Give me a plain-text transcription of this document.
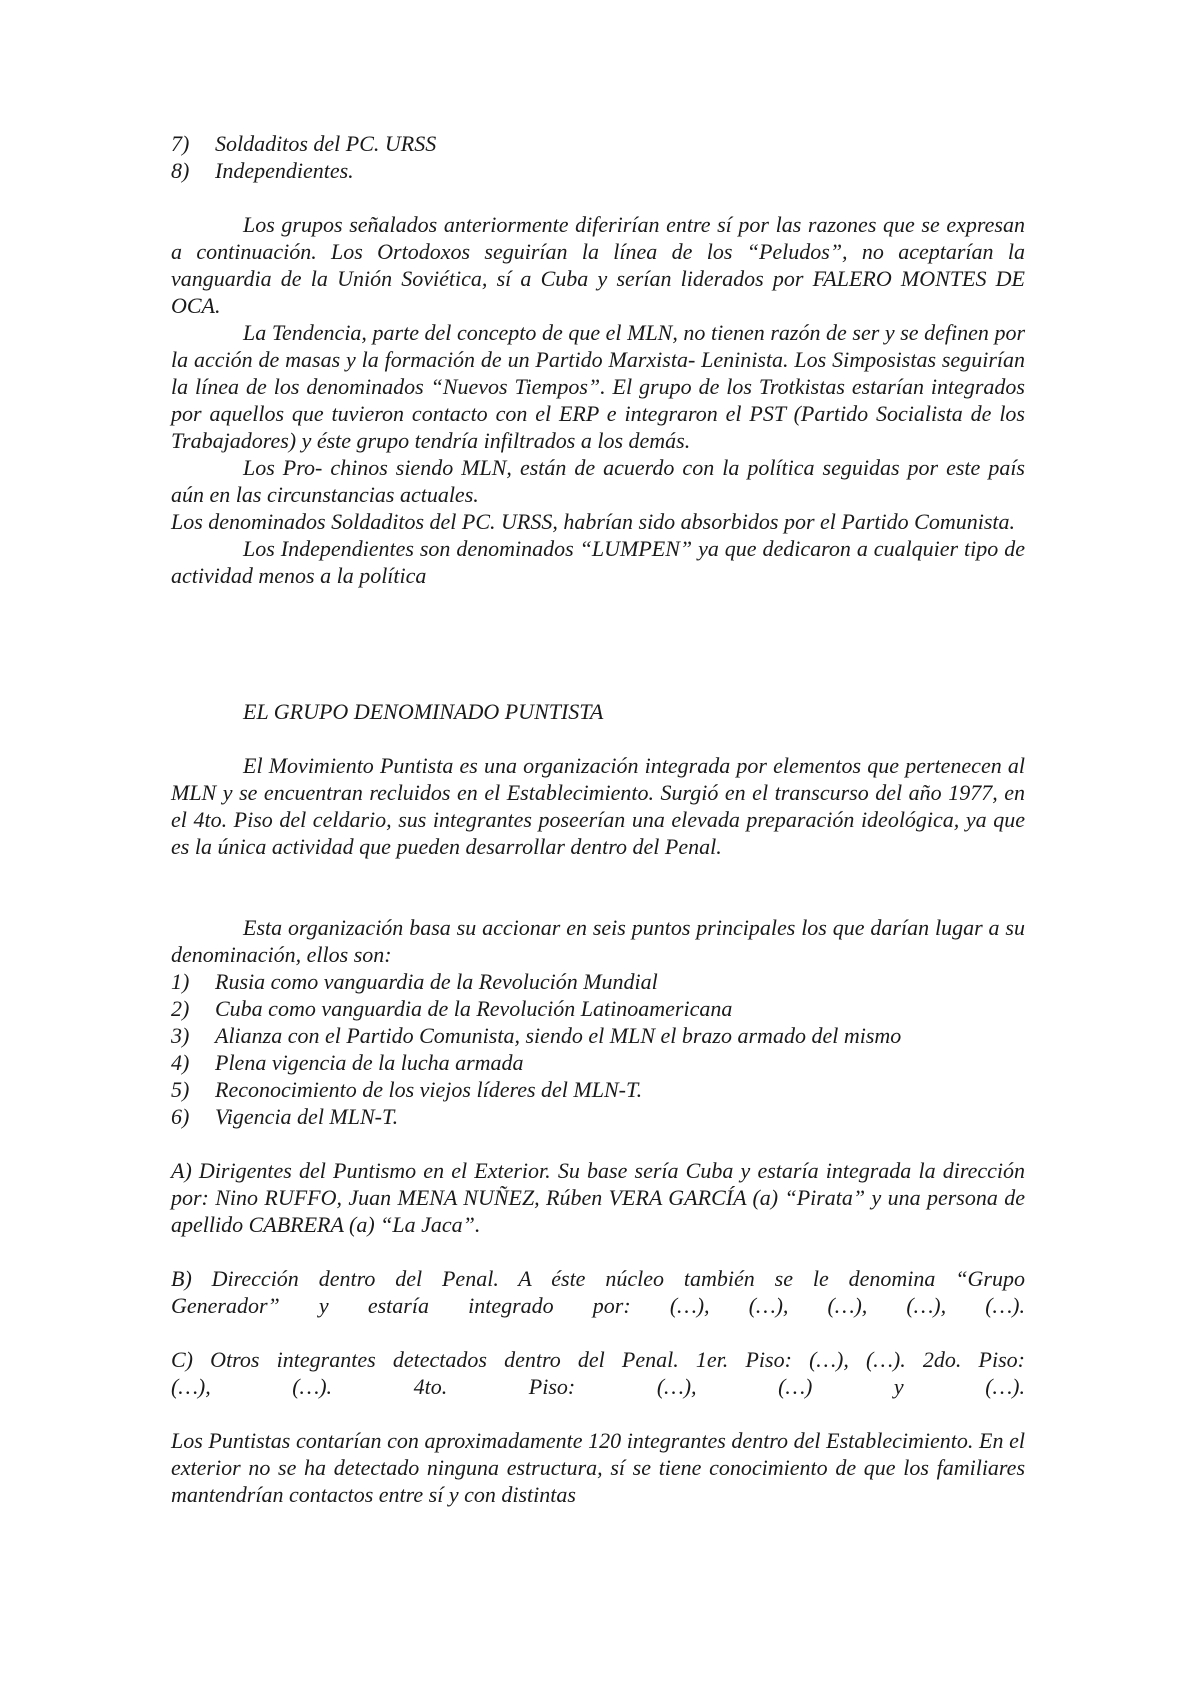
7) Soldaditos del PC. URSS
8) Independientes.

Los grupos señalados anteriormente diferirían entre sí por las razones que se expresan a continuación. Los Ortodoxos seguirían la línea de los “Peludos”, no aceptarían la vanguardia de la Unión Soviética, sí a Cuba y serían liderados por FALERO MONTES DE OCA.

La Tendencia, parte del concepto de que el MLN, no tienen razón de ser y se definen por la acción de masas y la formación de un Partido Marxista- Leninista. Los Simposistas seguirían la línea de los denominados “Nuevos Tiempos”. El grupo de los Trotkistas estarían integrados por aquellos que tuvieron contacto con el ERP e integraron el PST (Partido Socialista de los Trabajadores) y éste grupo tendría infiltrados a los demás.

Los Pro- chinos siendo MLN, están de acuerdo con la política seguidas por este país aún en las circunstancias actuales.

Los denominados Soldaditos del PC. URSS, habrían sido absorbidos por el Partido Comunista.

Los Independientes son denominados “LUMPEN” ya que dedicaron a cualquier tipo de actividad menos a la política

EL GRUPO DENOMINADO PUNTISTA

El Movimiento Puntista es una organización integrada por elementos que pertenecen al MLN y se encuentran recluidos en el Establecimiento. Surgió en el transcurso del año 1977, en el 4to. Piso del celdario, sus integrantes poseerían una elevada preparación ideológica, ya que es la única actividad que pueden desarrollar dentro del Penal.

Esta organización basa su accionar en seis puntos principales los que darían lugar a su denominación, ellos son:

1) Rusia como vanguardia de la Revolución Mundial
2) Cuba como vanguardia de la Revolución Latinoamericana
3) Alianza con el Partido Comunista, siendo el MLN el brazo armado del mismo
4) Plena vigencia de la lucha armada
5) Reconocimiento de los viejos líderes del MLN-T.
6) Vigencia del MLN-T.

A) Dirigentes del Puntismo en el Exterior. Su base sería Cuba y estaría integrada la dirección por: Nino RUFFO, Juan MENA NUÑEZ, Rúben VERA GARCÍA (a) “Pirata” y una persona de apellido CABRERA (a) “La Jaca”.

B) Dirección dentro del Penal. A éste núcleo también se le denomina “Grupo

Generador” y estaría integrado por: (…), (…), (…), (…), (…).

C) Otros integrantes detectados dentro del Penal. 1er. Piso: (…), (…). 2do. Piso:

(…), (…). 4to. Piso: (…), (…) y (…).

Los Puntistas contarían con aproximadamente 120 integrantes dentro del Establecimiento. En el exterior no se ha detectado ninguna estructura, sí se tiene conocimiento de que los familiares mantendrían contactos entre sí y con distintas
